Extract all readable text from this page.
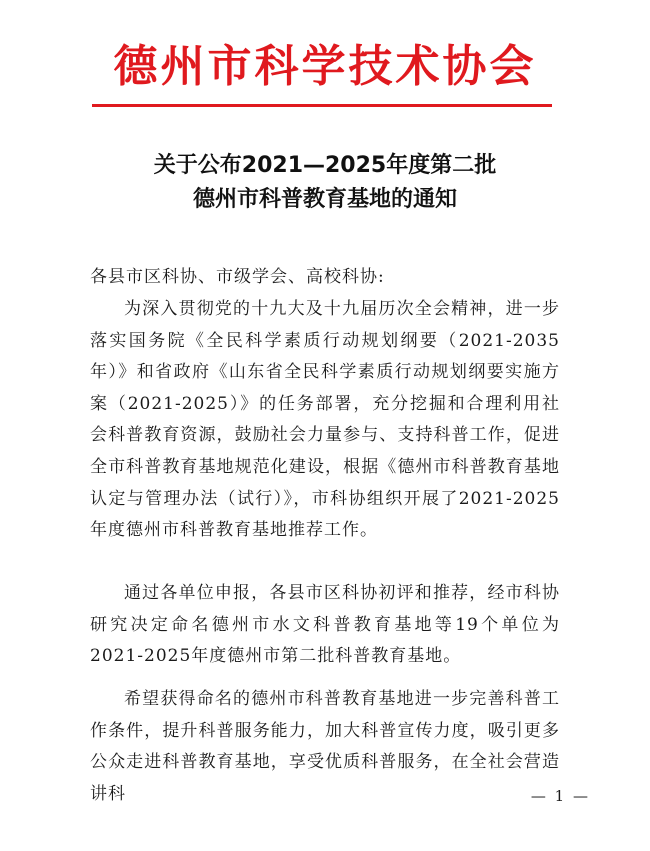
德州市科学技术协会
关于公布2021—2025年度第二批
德州市科普教育基地的通知
各县市区科协、市级学会、高校科协:

为深入贯彻党的十九大及十九届历次全会精神，进一步落实国务院《全民科学素质行动规划纲要（2021-2035年）》和省政府《山东省全民科学素质行动规划纲要实施方案（2021-2025）》的任务部署，充分挖掘和合理利用社会科普教育资源，鼓励社会力量参与、支持科普工作，促进全市科普教育基地规范化建设，根据《德州市科普教育基地认定与管理办法（试行）》，市科协组织开展了2021-2025年度德州市科普教育基地推荐工作。

通过各单位申报，各县市区科协初评和推荐，经市科协研究决定命名德州市水文科普教育基地等19个单位为2021-2025年度德州市第二批科普教育基地。

希望获得命名的德州市科普教育基地进一步完善科普工作条件，提升科普服务能力，加大科普宣传力度，吸引更多公众走进科普教育基地，享受优质科普服务，在全社会营造讲科	— 1 —
